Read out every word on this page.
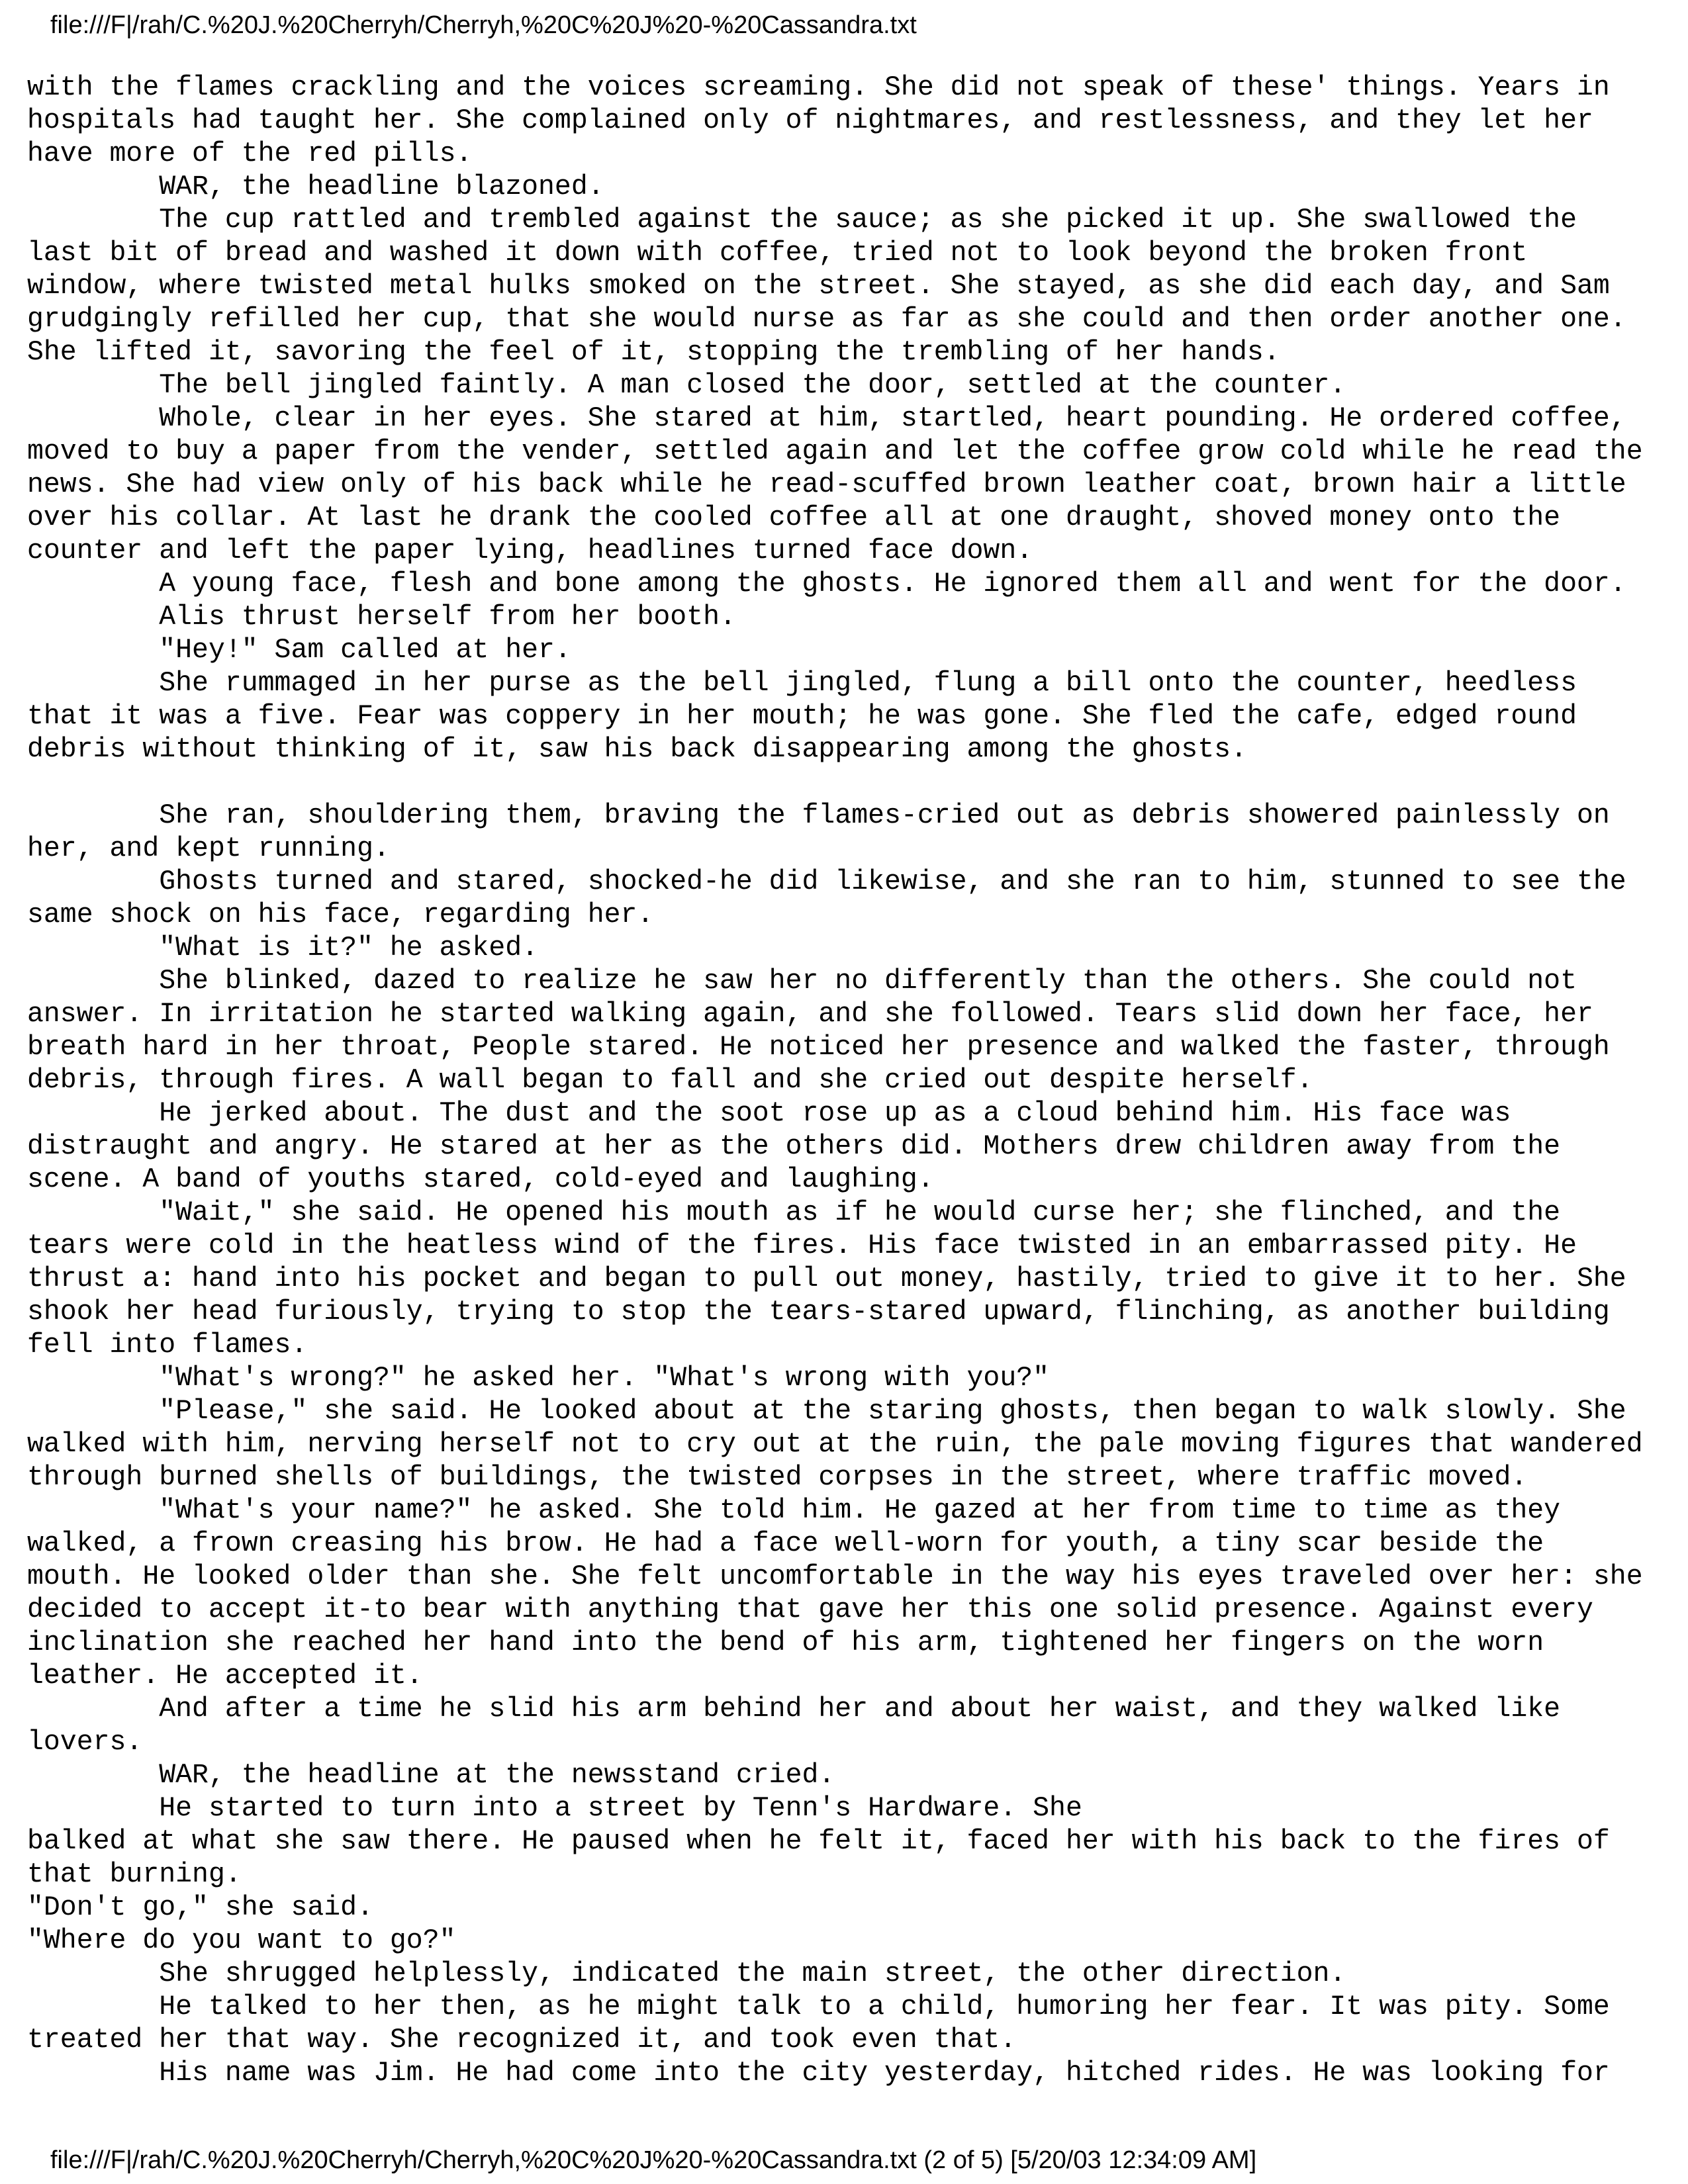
file:///F|/rah/C.%20J.%20Cherryh/Cherryh,%20C%20J%20-%20Cassandra.txt
with the flames crackling and the voices screaming. She did not speak of these' things. Years in
hospitals had taught her. She complained only of nightmares, and restlessness, and they let her
have more of the red pills.
WAR, the headline blazoned.
The cup rattled and trembled against the sauce; as she picked it up. She swallowed the
last bit of bread and washed it down with coffee, tried not to look beyond the broken front
window, where twisted metal hulks smoked on the street. She stayed, as she did each day, and Sam
grudgingly refilled her cup, that she would nurse as far as she could and then order another one.
She lifted it, savoring the feel of it, stopping the trembling of her hands.
The bell jingled faintly. A man closed the door, settled at the counter.
Whole, clear in her eyes. She stared at him, startled, heart pounding. He ordered coffee,
moved to buy a paper from the vender, settled again and let the coffee grow cold while he read the
news. She had view only of his back while he read-scuffed brown leather coat, brown hair a little
over his collar. At last he drank the cooled coffee all at one draught, shoved money onto the
counter and left the paper lying, headlines turned face down.
A young face, flesh and bone among the ghosts. He ignored them all and went for the door.
Alis thrust herself from her booth.
"Hey!" Sam called at her.
She rummaged in her purse as the bell jingled, flung a bill onto the counter, heedless
that it was a five. Fear was coppery in her mouth; he was gone. She fled the cafe, edged round
debris without thinking of it, saw his back disappearing among the ghosts.
She ran, shouldering them, braving the flames-cried out as debris showered painlessly on
her, and kept running.
Ghosts turned and stared, shocked-he did likewise, and she ran to him, stunned to see the
same shock on his face, regarding her.
"What is it?" he asked.
She blinked, dazed to realize he saw her no differently than the others. She could not
answer. In irritation he started walking again, and she followed. Tears slid down her face, her
breath hard in her throat, People stared. He noticed her presence and walked the faster, through
debris, through fires. A wall began to fall and she cried out despite herself.
He jerked about. The dust and the soot rose up as a cloud behind him. His face was
distraught and angry. He stared at her as the others did. Mothers drew children away from the
scene. A band of youths stared, cold-eyed and laughing.
"Wait," she said. He opened his mouth as if he would curse her; she flinched, and the
tears were cold in the heatless wind of the fires. His face twisted in an embarrassed pity. He
thrust a: hand into his pocket and began to pull out money, hastily, tried to give it to her. She
shook her head furiously, trying to stop the tears-stared upward, flinching, as another building
fell into flames.
"What's wrong?" he asked her. "What's wrong with you?"
"Please," she said. He looked about at the staring ghosts, then began to walk slowly. She
walked with him, nerving herself not to cry out at the ruin, the pale moving figures that wandered
through burned shells of buildings, the twisted corpses in the street, where traffic moved.
"What's your name?" he asked. She told him. He gazed at her from time to time as they
walked, a frown creasing his brow. He had a face well-worn for youth, a tiny scar beside the
mouth. He looked older than she. She felt uncomfortable in the way his eyes traveled over her: she
decided to accept it-to bear with anything that gave her this one solid presence. Against every
inclination she reached her hand into the bend of his arm, tightened her fingers on the worn
leather. He accepted it.
And after a time he slid his arm behind her and about her waist, and they walked like
lovers.
WAR, the headline at the newsstand cried.
He started to turn into a street by Tenn's Hardware. She
balked at what she saw there. He paused when he felt it, faced her with his back to the fires of
that burning.
"Don't go," she said.
"Where do you want to go?"
She shrugged helplessly, indicated the main street, the other direction.
He talked to her then, as he might talk to a child, humoring her fear. It was pity. Some
treated her that way. She recognized it, and took even that.
His name was Jim. He had come into the city yesterday, hitched rides. He was looking for
file:///F|/rah/C.%20J.%20Cherryh/Cherryh,%20C%20J%20-%20Cassandra.txt (2 of 5) [5/20/03 12:34:09 AM]
